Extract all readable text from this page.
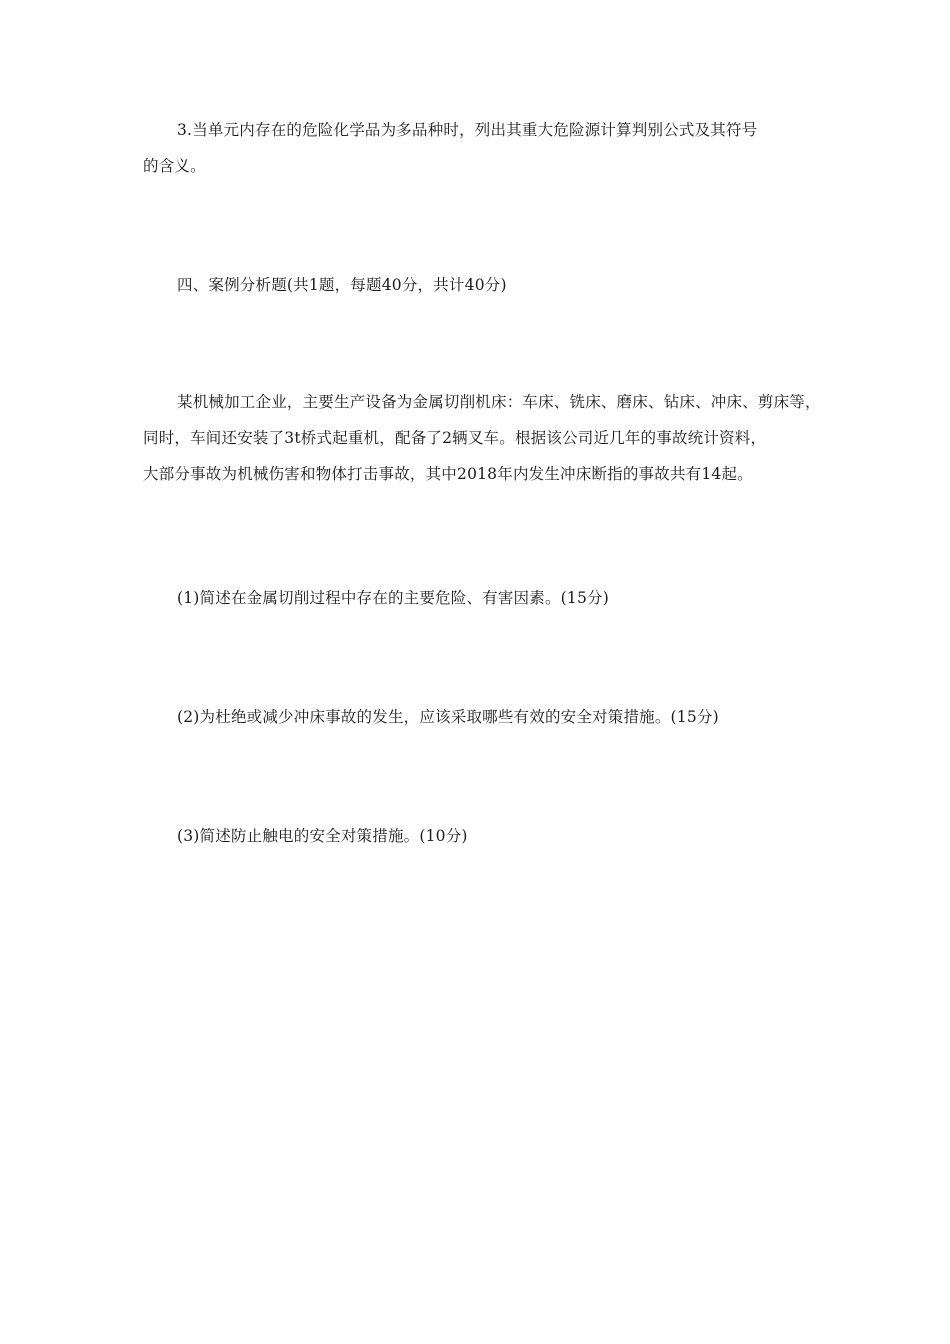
3.当单元内存在的危险化学品为多品种时，列出其重大危险源计算判别公式及其符号
的含义。
四、案例分析题(共1题，每题40分，共计40分)
某机械加工企业，主要生产设备为金属切削机床：车床、铣床、磨床、钻床、冲床、剪床等，
同时，车间还安装了3t桥式起重机，配备了2辆叉车。根据该公司近几年的事故统计资料，
大部分事故为机械伤害和物体打击事故，其中2018年内发生冲床断指的事故共有14起。
(1)简述在金属切削过程中存在的主要危险、有害因素。(15分)
(2)为杜绝或减少冲床事故的发生，应该采取哪些有效的安全对策措施。(15分)
(3)简述防止触电的安全对策措施。(10分)
